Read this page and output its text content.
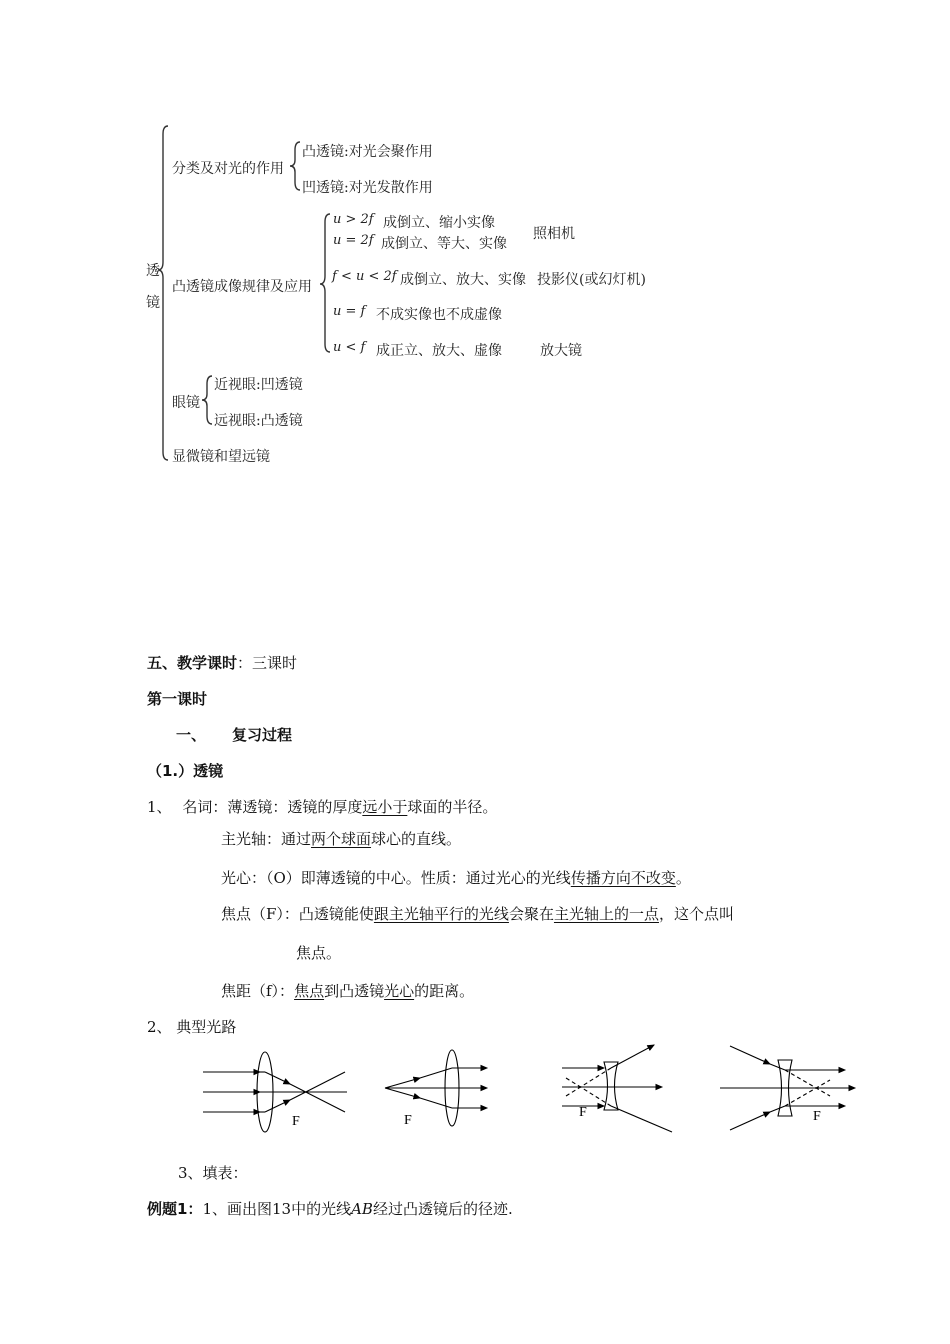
透
镜
分类及对光的作用
凸透镜:对光会聚作用
凹透镜:对光发散作用
凸透镜成像规律及应用
u > 2f 成倒立、缩小实像
照相机
u = 2f 成倒立、等大、实像
f < u < 2f 成倒立、放大、实像 投影仪(或幻灯机)
u = f 不成实像也不成虚像
u < f 成正立、放大、虚像	放大镜
眼镜
近视眼:凹透镜
远视眼:凸透镜
显微镜和望远镜
五、教学课时：三课时
第一课时
一、 复习过程
（1.）透镜
1、 名词：薄透镜：透镜的厚度远小于球面的半径。
主光轴：通过两个球面球心的直线。
光心：（O）即薄透镜的中心。性质：通过光心的光线传播方向不改变。
焦点（F）：凸透镜能使跟主光轴平行的光线会聚在主光轴上的一点，这个点叫
焦点。
焦距（f）：焦点到凸透镜光心的距离。
2、 典型光路
F	F
F	F
3、填表：
例题1：1、画出图13中的光线AB经过凸透镜后的径迹.
